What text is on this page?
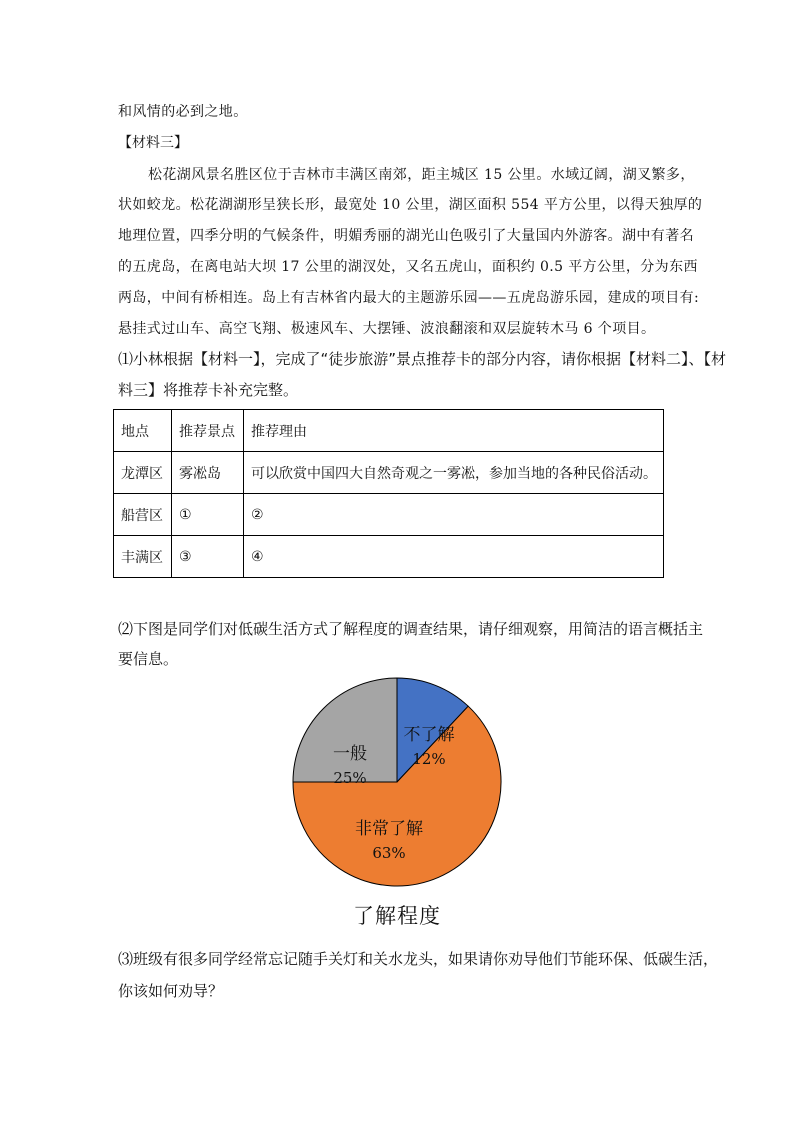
和风情的必到之地。
【材料三】
松花湖风景名胜区位于吉林市丰满区南郊，距主城区 15 公里。水域辽阔，湖叉繁多，
状如蛟龙。松花湖湖形呈狭长形，最宽处 10 公里，湖区面积 554 平方公里，以得天独厚的
地理位置，四季分明的气候条件，明媚秀丽的湖光山色吸引了大量国内外游客。湖中有著名
的五虎岛，在离电站大坝 17 公里的湖汊处，又名五虎山，面积约 0.5 平方公里，分为东西
两岛，中间有桥相连。岛上有吉林省内最大的主题游乐园——五虎岛游乐园，建成的项目有:
悬挂式过山车、高空飞翔、极速风车、大摆锤、波浪翻滚和双层旋转木马 6 个项目。
⑴小林根据【材料一】，完成了“徒步旅游”景点推荐卡的部分内容，请你根据【材料二】、【材
料三】将推荐卡补充完整。
地点	推荐景点	推荐理由
龙潭区	雾凇岛	可以欣赏中国四大自然奇观之一雾凇，参加当地的各种民俗活动。
船营区	①	②
丰满区	③	④
⑵下图是同学们对低碳生活方式了解程度的调查结果，请仔细观察，用简洁的语言概括主
要信息。
不了解
12%
非常了解
63%
一般
25%
了解程度
⑶班级有很多同学经常忘记随手关灯和关水龙头，如果请你劝导他们节能环保、低碳生活，
你该如何劝导？
